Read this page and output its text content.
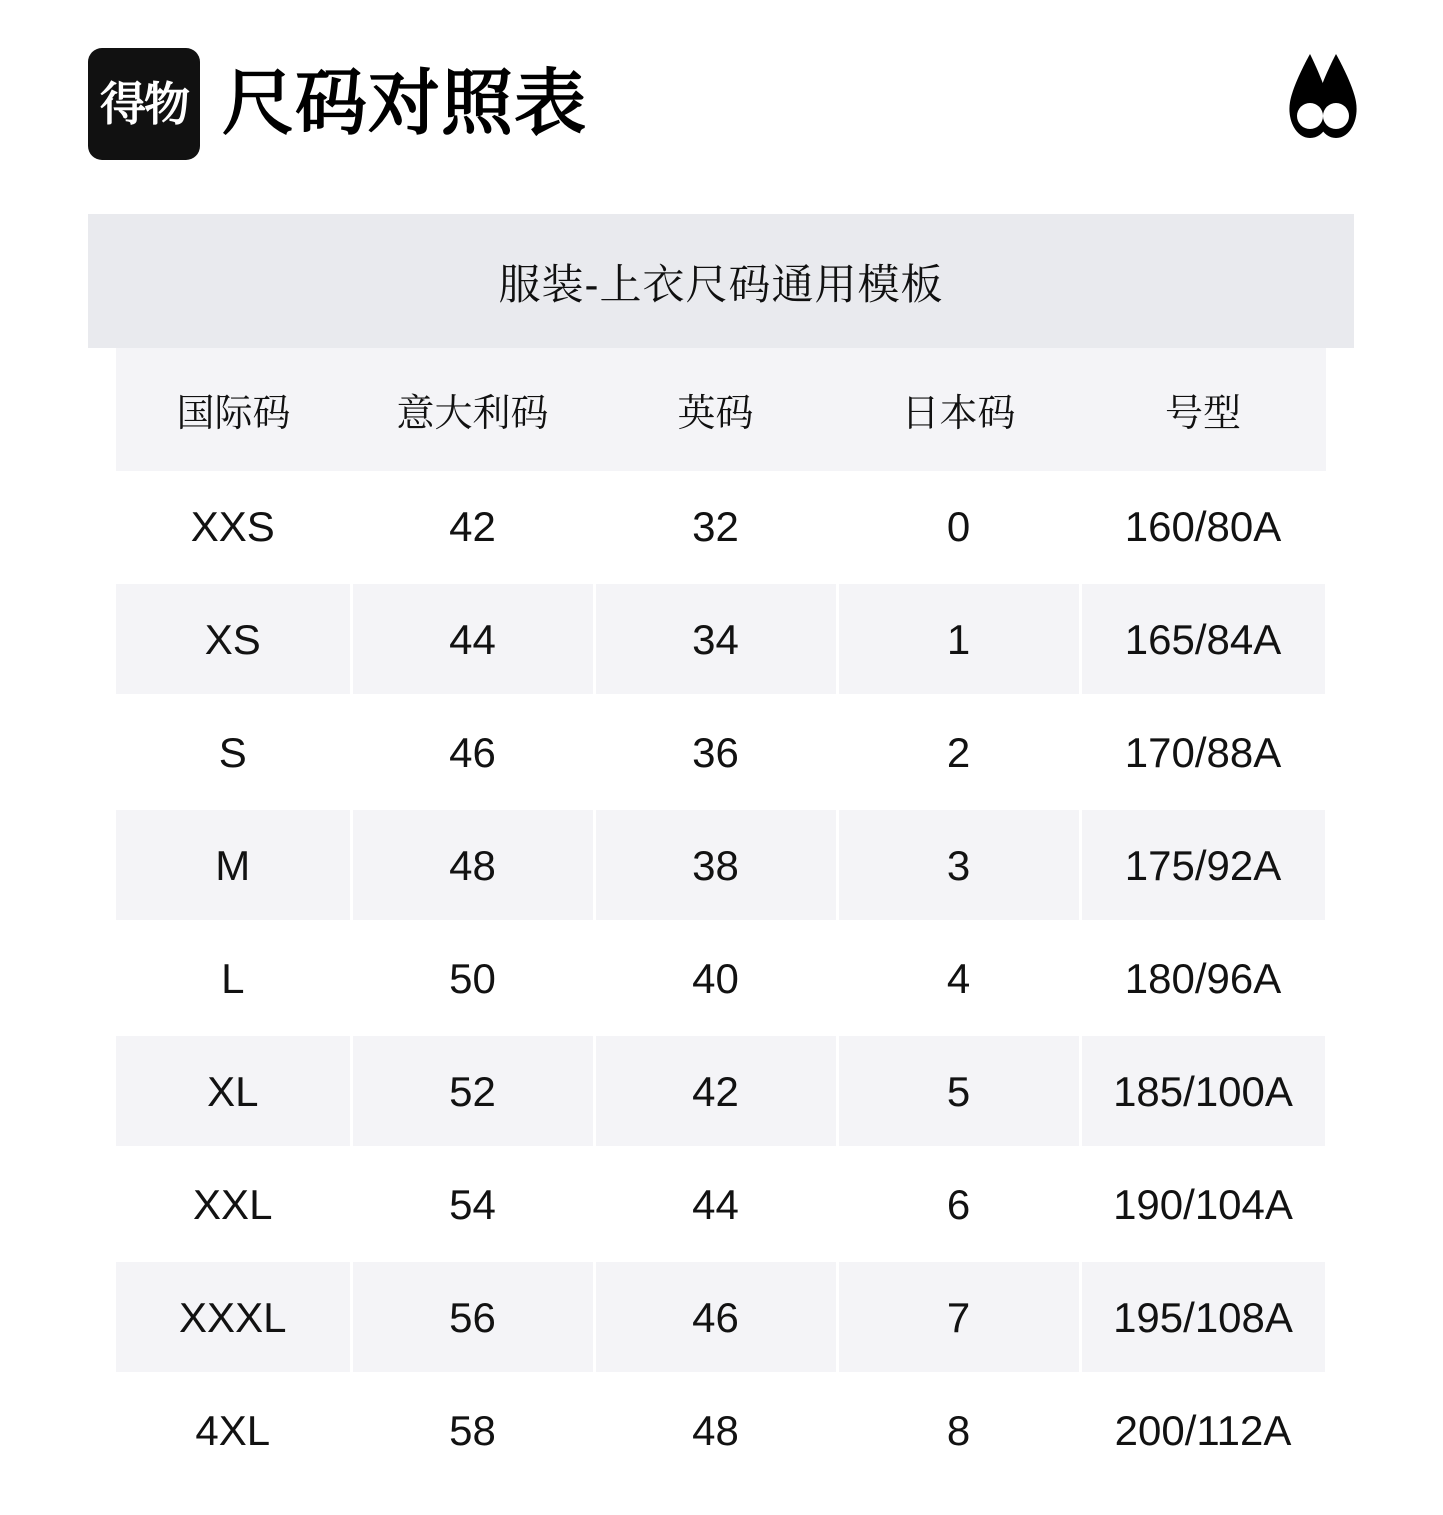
得物 尺码对照表
服装-上衣尺码通用模板
	国际码	意大利码	英码	日本码	号型	
	XXS	42	32	0	160/80A	
	XS	44	34	1	165/84A	
	S	46	36	2	170/88A	
	M	48	38	3	175/92A	
	L	50	40	4	180/96A	
	XL	52	42	5	185/100A	
	XXL	54	44	6	190/104A	
	XXXL	56	46	7	195/108A	
	4XL	58	48	8	200/112A	
